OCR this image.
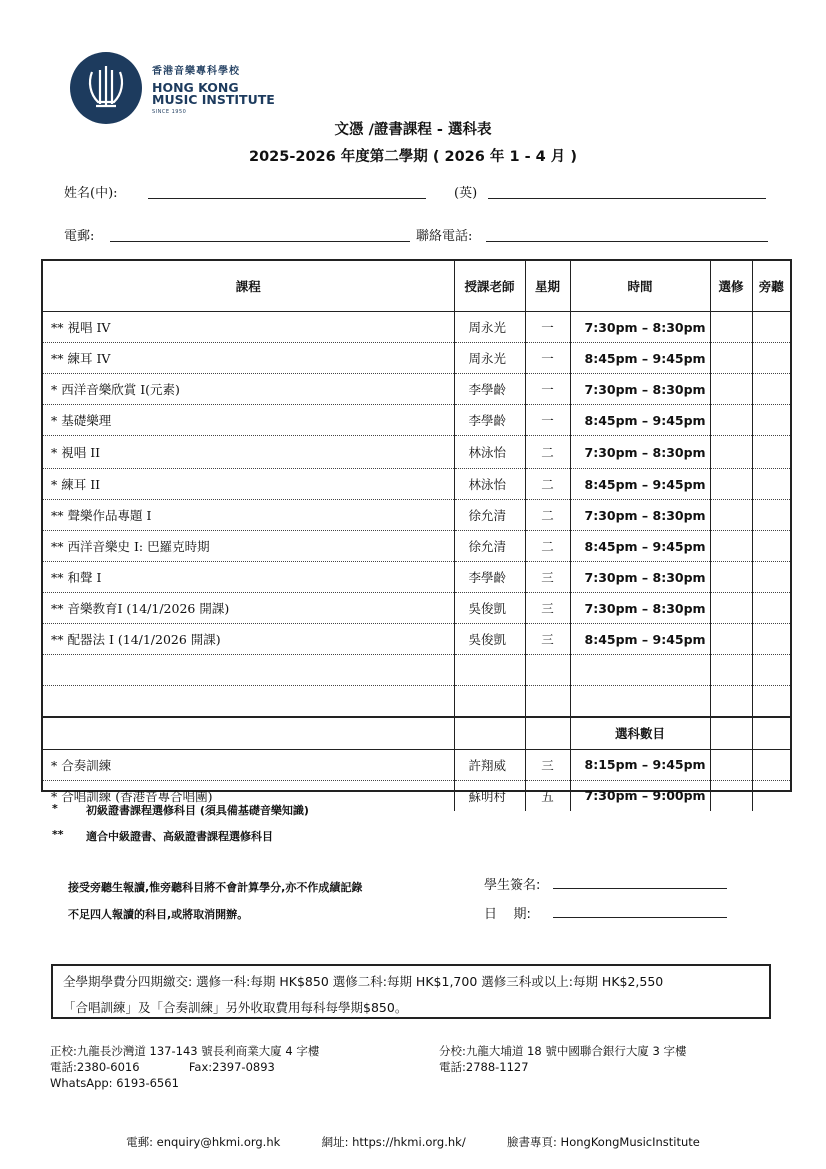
香港音樂專科學校
HONG KONG
MUSIC INSTITUTE
SINCE 1950
文憑 /證書課程 - 選科表
2025-2026 年度第二學期 ( 2026 年 1 - 4 月 )
姓名(中):	(英)
電郵:	聯絡電話:
課程	授課老師	星期	時間	選修	旁聽
** 視唱 IV	周永光	一	7:30pm – 8:30pm		
** 練耳 IV	周永光	一	8:45pm – 9:45pm		
* 西洋音樂欣賞 I(元素)	李學齡	一	7:30pm – 8:30pm		
* 基礎樂理	李學齡	一	8:45pm – 9:45pm		
* 視唱 II	林泳怡	二	7:30pm – 8:30pm		
* 練耳 II	林泳怡	二	8:45pm – 9:45pm		
** 聲樂作品專題 I	徐允清	二	7:30pm – 8:30pm		
** 西洋音樂史 I: 巴羅克時期	徐允清	二	8:45pm – 9:45pm		
** 和聲 I	李學齡	三	7:30pm – 8:30pm		
** 音樂教育I (14/1/2026 開課)	吳俊凱	三	7:30pm – 8:30pm		
** 配器法 I (14/1/2026 開課)	吳俊凱	三	8:45pm – 9:45pm		

			選科數目		
* 合奏訓練	許翔威	三	8:15pm – 9:45pm		
* 合唱訓練 (香港音專合唱團)	蘇明村	五	7:30pm – 9:00pm		
*	初級證書課程選修科目 (須具備基礎音樂知識)
** 適合中級證書、高級證書課程選修科目
接受旁聽生報讀,惟旁聽科目將不會計算學分,亦不作成績記錄
不足四人報讀的科目,或將取消開辦。
學生簽名:
日    期:
全學期學費分四期繳交: 選修一科:每期 HK$850 選修二科:每期 HK$1,700 選修三科或以上:每期 HK$2,550
「合唱訓練」及「合奏訓練」另外收取費用每科每學期$850。
正校:九龍長沙灣道 137-143 號長利商業大廈 4 字樓
電話:2380-6016	Fax:2397-0893
WhatsApp: 6193-6561
分校:九龍大埔道 18 號中國聯合銀行大廈 3 字樓
電話:2788-1127
電郵: enquiry@hkmi.org.hk	網址: https://hkmi.org.hk/	臉書專頁: HongKongMusicInstitute
